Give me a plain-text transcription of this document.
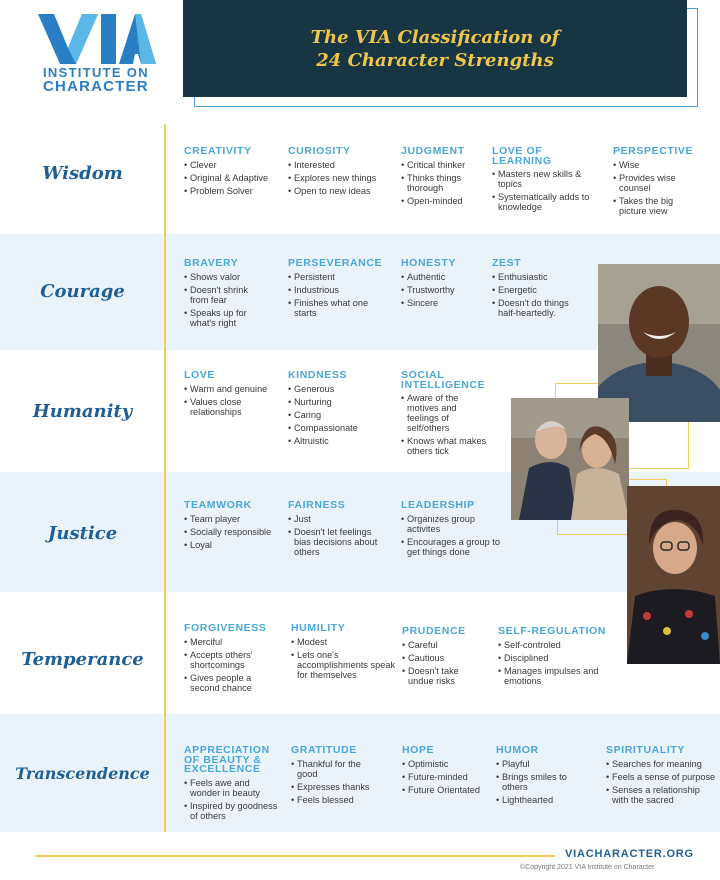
INSTITUTE ON
CHARACTER
The VIA Classification of
24 Character Strengths
Wisdom
Courage
Humanity
Justice
Temperance
Transcendence
CREATIVITY
• Clever
• Original & Adaptive
• Problem Solver
CURIOSITY
• Interested
• Explores new things
• Open to new ideas
JUDGMENT
• Critical thinker
• Thinks things thorough
• Open-minded
LOVE OF LEARNING
• Masters new skills & topics
• Systematically adds to knowledge
PERSPECTIVE
• Wise
• Provides wise counsel
• Takes the big picture view
BRAVERY
• Shows valor
• Doesn't shrink from fear
• Speaks up for what's right
PERSEVERANCE
• Persistent
• Industrious
• Finishes what one starts
HONESTY
• Authentic
• Trustworthy
• Sincere
ZEST
• Enthusiastic
• Energetic
• Doesn't do things half-heartedly.
LOVE
• Warm and genuine
• Values close relationships
KINDNESS
• Generous
• Nurturing
• Caring
• Compassionate
• Altruistic
SOCIAL INTELLIGENCE
• Aware of the motives and feelings of self/others
• Knows what makes others tick
TEAMWORK
• Team player
• Socially responsible
• Loyal
FAIRNESS
• Just
• Doesn't let feelings bias decisions about others
LEADERSHIP
• Organizes group activites
• Encourages a group to get things done
FORGIVENESS
• Merciful
• Accepts others' shortcomings
• Gives people a second chance
HUMILITY
• Modest
• Lets one's accomplishments speak for themselves
PRUDENCE
• Careful
• Cautious
• Doesn't take undue risks
SELF-REGULATION
• Self-controled
• Disciplined
• Manages impulses and emotions
APPRECIATION OF BEAUTY & EXCELLENCE
• Feels awe and wonder in beauty
• Inspired by goodness of others
GRATITUDE
• Thankful for the good
• Expresses thanks
• Feels blessed
HOPE
• Optimistic
• Future-minded
• Future Orientated
HUMOR
• Playful
• Brings smiles to others
• Lighthearted
SPIRITUALITY
• Searches for meaning
• Feels a sense of purpose
• Senses a relationship with the sacred
VIACHARACTER.ORG
©Copyright 2021 VIA Institute on Character
